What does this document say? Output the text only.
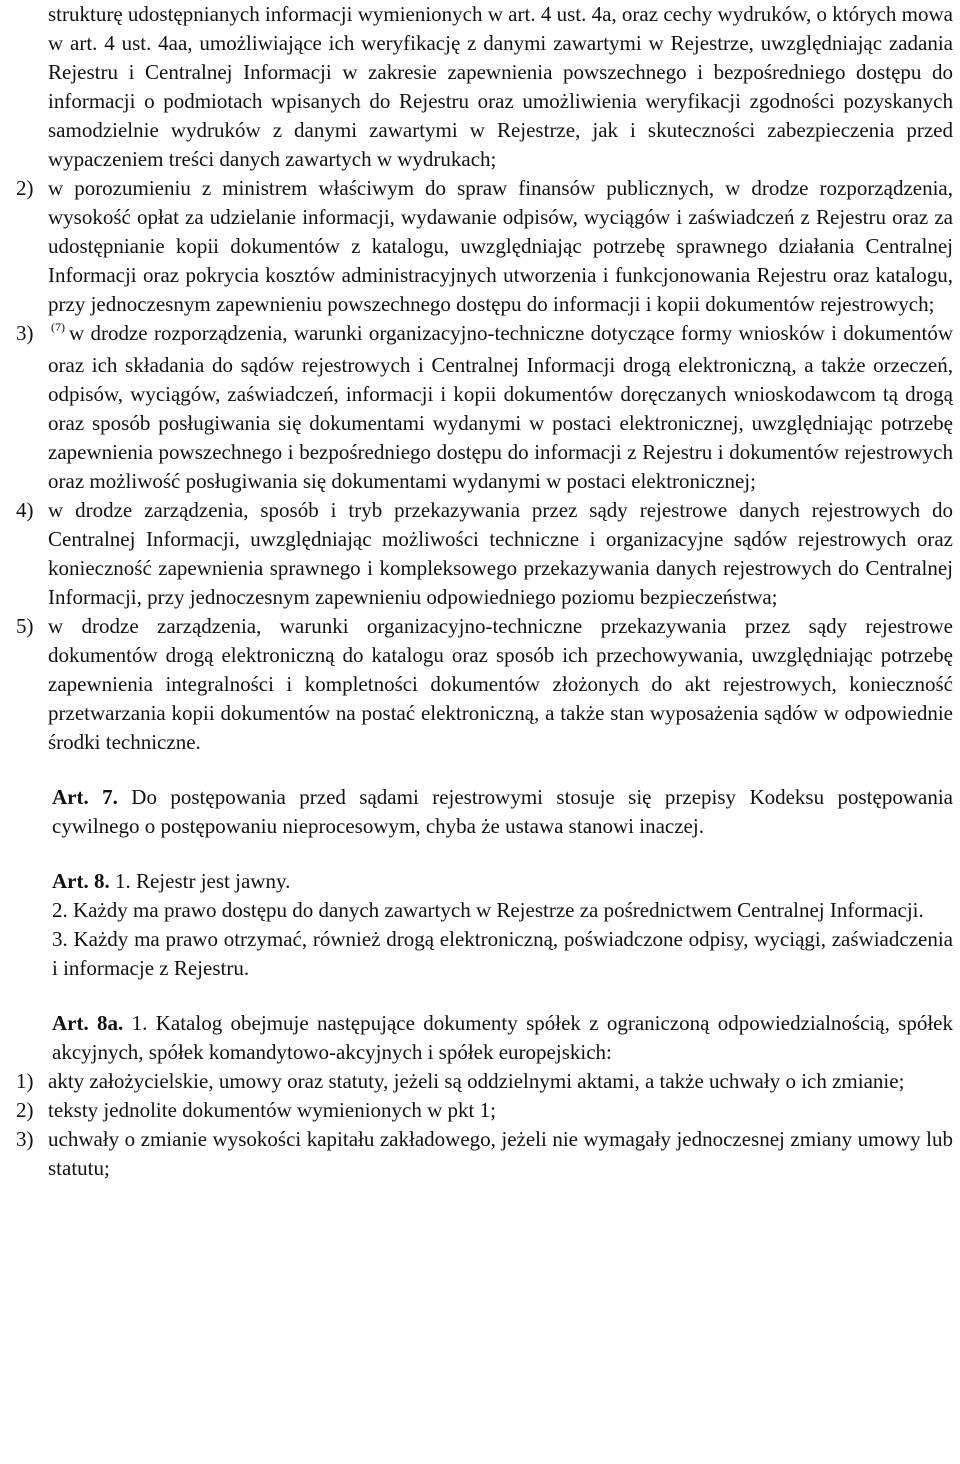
strukturę udostępnianych informacji wymienionych w art. 4 ust. 4a, oraz cechy wydruków, o których mowa w art. 4 ust. 4aa, umożliwiające ich weryfikację z danymi zawartymi w Rejestrze, uwzględniając zadania Rejestru i Centralnej Informacji w zakresie zapewnienia powszechnego i bezpośredniego dostępu do informacji o podmiotach wpisanych do Rejestru oraz umożliwienia weryfikacji zgodności pozyskanych samodzielnie wydruków z danymi zawartymi w Rejestrze, jak i skuteczności zabezpieczenia przed wypaczeniem treści danych zawartych w wydrukach;

2) w porozumieniu z ministrem właściwym do spraw finansów publicznych, w drodze rozporządzenia, wysokość opłat za udzielanie informacji, wydawanie odpisów, wyciągów i zaświadczeń z Rejestru oraz za udostępnianie kopii dokumentów z katalogu, uwzględniając potrzebę sprawnego działania Centralnej Informacji oraz pokrycia kosztów administracyjnych utworzenia i funkcjonowania Rejestru oraz katalogu, przy jednoczesnym zapewnieniu powszechnego dostępu do informacji i kopii dokumentów rejestrowych;

3) $^{(7)}$ w drodze rozporządzenia, warunki organizacyjno-techniczne dotyczące formy wniosków i dokumentów oraz ich składania do sądów rejestrowych i Centralnej Informacji drogą elektroniczną, a także orzeczeń, odpisów, wyciągów, zaświadczeń, informacji i kopii dokumentów doręczanych wnioskodawcom tą drogą oraz sposób posługiwania się dokumentami wydanymi w postaci elektronicznej, uwzględniając potrzebę zapewnienia powszechnego i bezpośredniego dostępu do informacji z Rejestru i dokumentów rejestrowych oraz możliwość posługiwania się dokumentami wydanymi w postaci elektronicznej;

4) w drodze zarządzenia, sposób i tryb przekazywania przez sądy rejestrowe danych rejestrowych do Centralnej Informacji, uwzględniając możliwości techniczne i organizacyjne sądów rejestrowych oraz konieczność zapewnienia sprawnego i kompleksowego przekazywania danych rejestrowych do Centralnej Informacji, przy jednoczesnym zapewnieniu odpowiedniego poziomu bezpieczeństwa;

5) w drodze zarządzenia, warunki organizacyjno-techniczne przekazywania przez sądy rejestrowe dokumentów drogą elektroniczną do katalogu oraz sposób ich przechowywania, uwzględniając potrzebę zapewnienia integralności i kompletności dokumentów złożonych do akt rejestrowych, konieczność przetwarzania kopii dokumentów na postać elektroniczną, a także stan wyposażenia sądów w odpowiednie środki techniczne.

Art. 7. Do postępowania przed sądami rejestrowymi stosuje się przepisy Kodeksu postępowania cywilnego o postępowaniu nieprocesowym, chyba że ustawa stanowi inaczej.

Art. 8. 1. Rejestr jest jawny.

2. Każdy ma prawo dostępu do danych zawartych w Rejestrze za pośrednictwem Centralnej Informacji.

3. Każdy ma prawo otrzymać, również drogą elektroniczną, poświadczone odpisy, wyciągi, zaświadczenia i informacje z Rejestru.

Art. 8a. 1. Katalog obejmuje następujące dokumenty spółek z ograniczoną odpowiedzialnością, spółek akcyjnych, spółek komandytowo-akcyjnych i spółek europejskich:

1) akty założycielskie, umowy oraz statuty, jeżeli są oddzielnymi aktami, a także uchwały o ich zmianie;

2) teksty jednolite dokumentów wymienionych w pkt 1;

3) uchwały o zmianie wysokości kapitału zakładowego, jeżeli nie wymagały jednoczesnej zmiany umowy lub statutu;
